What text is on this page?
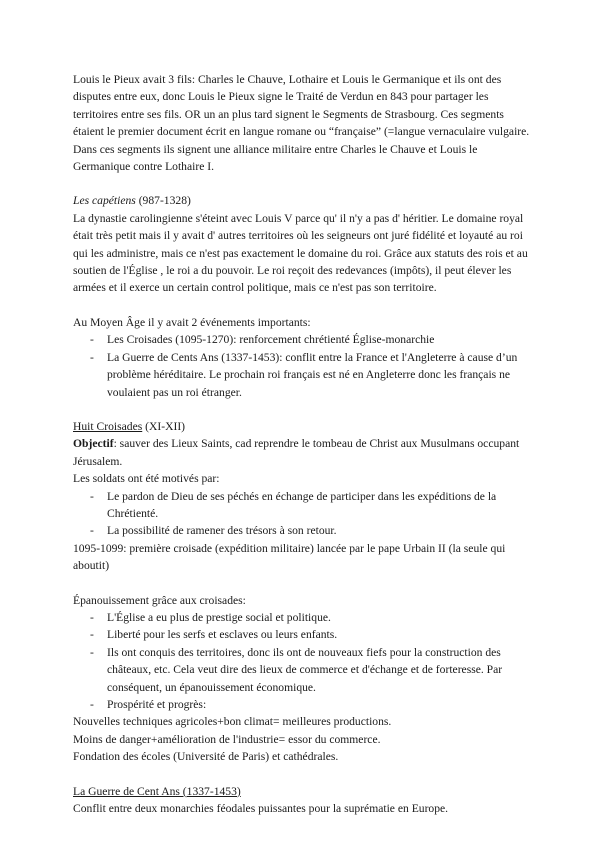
Louis le Pieux avait 3 fils: Charles le Chauve, Lothaire et Louis le Germanique et ils ont des disputes entre eux, donc Louis le Pieux signe le Traité de Verdun en 843 pour partager les territoires entre ses fils. OR un an plus tard signent le Segments de Strasbourg. Ces segments étaient le premier document écrit en langue romane ou “française” (=langue vernaculaire vulgaire. Dans ces segments ils signent une alliance militaire entre Charles le Chauve et Louis le Germanique contre Lothaire I.

Les capétiens (987-1328)

La dynastie carolingienne s'éteint avec Louis V parce qu' il n'y a pas d' héritier. Le domaine royal était très petit mais il y avait d' autres territoires où les seigneurs ont juré fidélité et loyauté au roi qui les administre, mais ce n'est pas exactement le domaine du roi. Grâce aux statuts des rois et au soutien de l'Église , le roi a du pouvoir. Le roi reçoit des redevances (impôts), il peut élever les armées et il exerce un certain control politique, mais ce n'est pas son territoire.

Au Moyen Âge il y avait 2 événements importants:

- Les Croisades (1095-1270): renforcement chrétienté Église-monarchie
- La Guerre de Cents Ans (1337-1453): conflit entre la France et l'Angleterre à cause d’un problème héréditaire. Le prochain roi français est né en Angleterre donc les français ne voulaient pas un roi étranger.

Huit Croisades (XI-XII)

Objectif: sauver des Lieux Saints, cad reprendre le tombeau de Christ aux Musulmans occupant Jérusalem.

Les soldats ont été motivés par:

- Le pardon de Dieu de ses péchés en échange de participer dans les expéditions de la Chrétienté.
- La possibilité de ramener des trésors à son retour.

1095-1099: première croisade (expédition militaire) lancée par le pape Urbain II (la seule qui aboutit)

Épanouissement grâce aux croisades:

- L'Église a eu plus de prestige social et politique.
- Liberté pour les serfs et esclaves ou leurs enfants.
- Ils ont conquis des territoires, donc ils ont de nouveaux fiefs pour la construction des châteaux, etc. Cela veut dire des lieux de commerce et d'échange et de forteresse. Par conséquent, un épanouissement économique.
- Prospérité et progrès:

Nouvelles techniques agricoles+bon climat= meilleures productions.

Moins de danger+amélioration de l'industrie= essor du commerce.

Fondation des écoles (Université de Paris) et cathédrales.

La Guerre de Cent Ans (1337-1453)

Conflit entre deux monarchies féodales puissantes pour la suprématie en Europe.
